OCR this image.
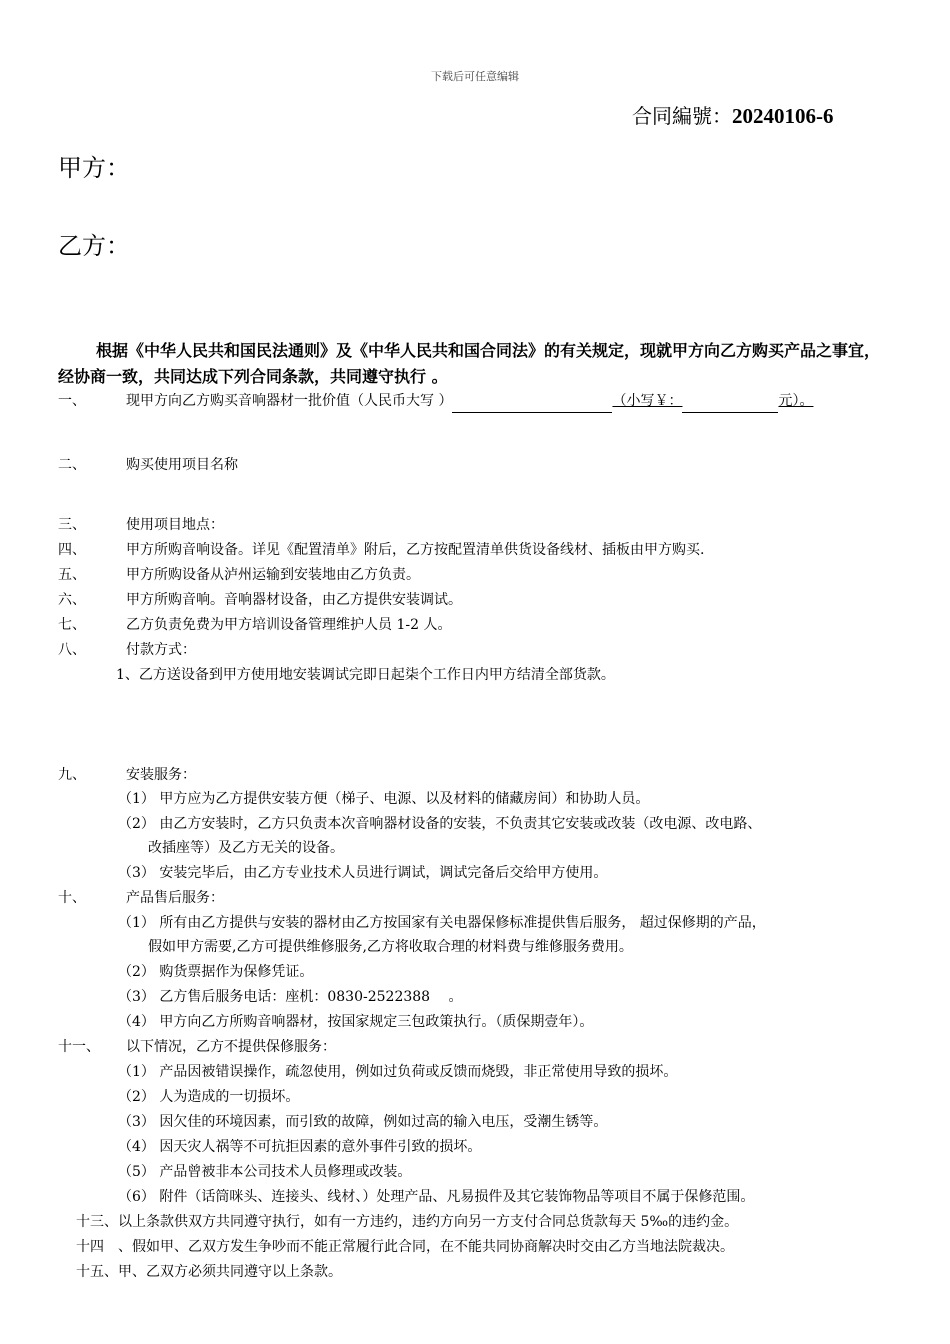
下载后可任意编辑
合同編號：20240106-6
甲方：
乙方：
根据《中华人民共和国民法通则》及《中华人民共和国合同法》的有关规定，现就甲方向乙方购买产品之事宜，经协商一致，共同达成下列合同条款，共同遵守执行 。
一、	现甲方向乙方购买音响器材一批价值（人民币大写 ）	（小写￥：	元）。
二、	购买使用项目名称
三、	使用项目地点：
四、	甲方所购音响设备。详见《配置清单》附后，乙方按配置清单供货设备线材、插板由甲方购买.
五、	甲方所购设备从泸州运输到安装地由乙方负责。
六、	甲方所购音响。音响器材设备，由乙方提供安装调试。
七、	乙方负责免费为甲方培训设备管理维护人员 1-2 人。
八、	付款方式：
1、乙方送设备到甲方使用地安装调试完即日起柒个工作日内甲方结清全部货款。
九、	安装服务：
（1） 甲方应为乙方提供安装方便（梯子、电源、以及材料的储藏房间）和协助人员。
（2） 由乙方安装时，乙方只负责本次音响器材设备的安装，不负责其它安装或改装（改电源、改电路、
改插座等）及乙方无关的设备。
（3） 安装完毕后，由乙方专业技术人员进行调试，调试完备后交给甲方使用。
十、	产品售后服务：
（1） 所有由乙方提供与安装的器材由乙方按国家有关电器保修标准提供售后服务， 超过保修期的产品，
假如甲方需要,乙方可提供维修服务,乙方将收取合理的材料费与维修服务费用。
（2） 购货票据作为保修凭证。
（3） 乙方售后服务电话：座机：0830-2522388　 。
（4） 甲方向乙方所购音响器材，按国家规定三包政策执行。（质保期壹年）。
十一、 以下情况，乙方不提供保修服务：
（1） 产品因被错误操作，疏忽使用，例如过负荷或反馈而烧毁，非正常使用导致的损坏。
（2） 人为造成的一切损坏。
（3） 因欠佳的环境因素，而引致的故障，例如过高的输入电压，受潮生锈等。
（4） 因天灾人祸等不可抗拒因素的意外事件引致的损坏。
（5） 产品曾被非本公司技术人员修理或改装。
（6） 附件（话筒咪头、连接头、线材、）处理产品、凡易损件及其它装饰物品等项目不属于保修范围。
十三、以上条款供双方共同遵守执行，如有一方违约，违约方向另一方支付合同总货款每天 5‰的违约金。
十四　、假如甲、乙双方发生争吵而不能正常履行此合同，在不能共同协商解决时交由乙方当地法院裁决。
十五、甲、乙双方必须共同遵守以上条款。
